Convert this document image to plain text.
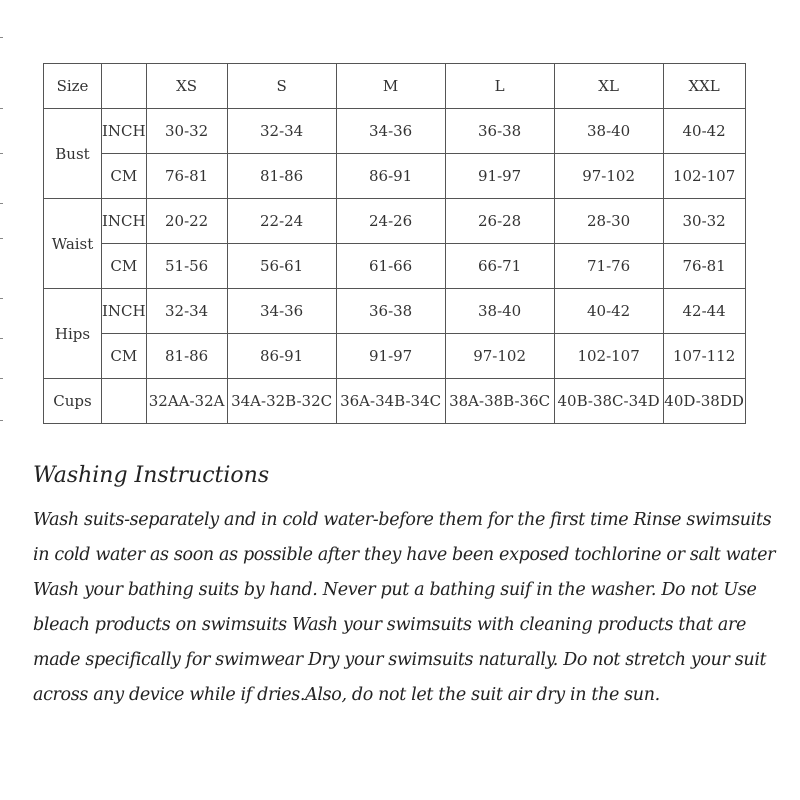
Size		XS	S	M	L	XL	XXL
Bust	INCH	30-32	32-34	34-36	36-38	38-40	40-42
	CM	76-81	81-86	86-91	91-97	97-102	102-107
Waist	INCH	20-22	22-24	24-26	26-28	28-30	30-32
	CM	51-56	56-61	61-66	66-71	71-76	76-81
Hips	INCH	32-34	34-36	36-38	38-40	40-42	42-44
	CM	81-86	86-91	91-97	97-102	102-107	107-112
Cups		32AA-32A	34A-32B-32C	36A-34B-34C	38A-38B-36C	40B-38C-34D	40D-38DD
Washing Instructions

Wash suits-separately and in cold water-before them for the first time Rinse swimsuits in cold water as soon as possible after they have been exposed tochlorine or salt water Wash your bathing suits by hand. Never put a bathing suif in the washer. Do not Use bleach products on swimsuits Wash your swimsuits with cleaning products that are made specifically for swimwear Dry your swimsuits naturally. Do not stretch your suit across any device while if dries.Also, do not let the suit air dry in the sun.
